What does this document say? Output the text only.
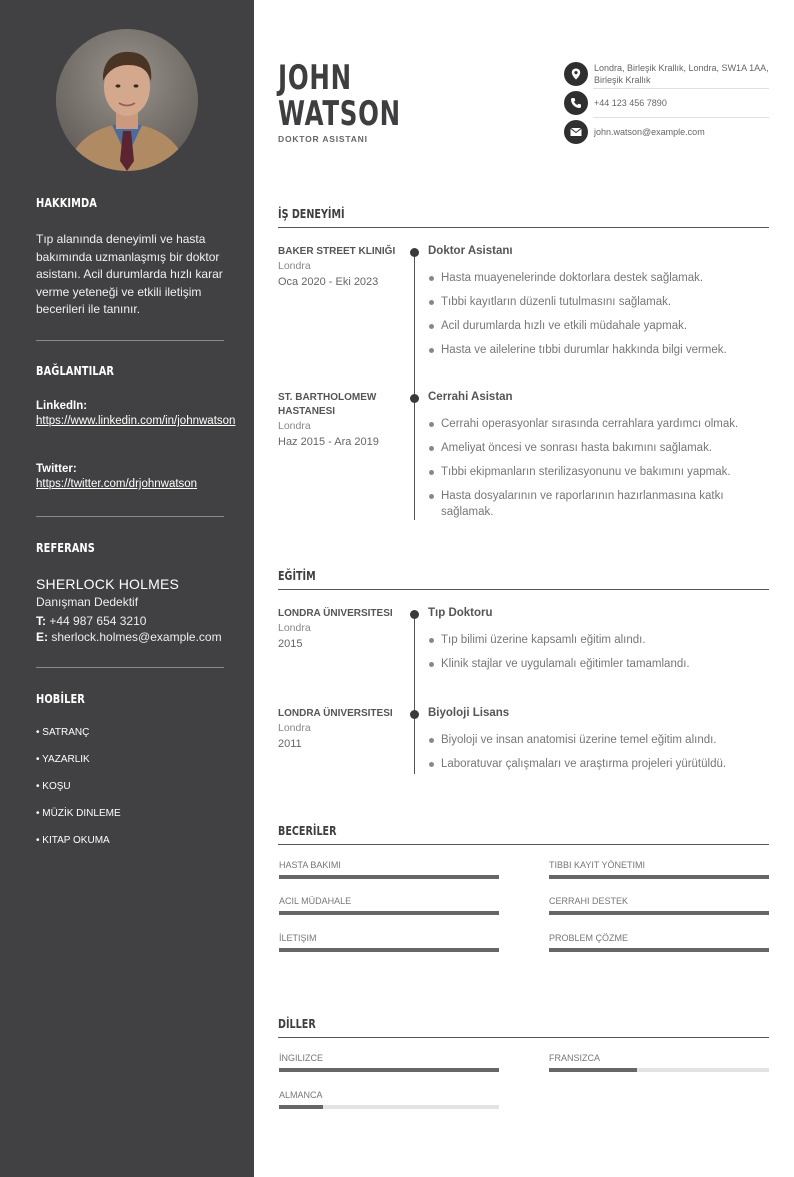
HAKKIMDA

Tıp alanında deneyimli ve hasta bakımında uzmanlaşmış bir doktor asistanı. Acil durumlarda hızlı karar verme yeteneği ve etkili iletişim becerileri ile tanınır.

BAĞLANTILAR
LinkedIn:
https://www.linkedin.com/in/johnwatson
Twitter:
https://twitter.com/drjohnwatson
REFERANS
SHERLOCK HOLMES
Danışman Dedektif
T: +44 987 654 3210
E: sherlock.holmes@example.com
HOBİLER
• SATRANÇ
• YAZARLIK
• KOŞU
• MÜZİK DINLEME
• KITAP OKUMA
JOHN
WATSON
DOKTOR ASISTANI
Londra, Birleşik Krallık, Londra, SW1A 1AA, Birleşik Krallık
+44 123 456 7890
john.watson@example.com
İŞ DENEYİMİ
BAKER STREET KLINIĞI
Londra
Oca 2020 - Eki 2023
Doktor Asistanı
Hasta muayenelerinde doktorlara destek sağlamak.
Tıbbi kayıtların düzenli tutulmasını sağlamak.
Acil durumlarda hızlı ve etkili müdahale yapmak.
Hasta ve ailelerine tıbbi durumlar hakkında bilgi vermek.
ST. BARTHOLOMEW HASTANESI
Londra
Haz 2015 - Ara 2019
Cerrahi Asistan
Cerrahi operasyonlar sırasında cerrahlara yardımcı olmak.
Ameliyat öncesi ve sonrası hasta bakımını sağlamak.
Tıbbi ekipmanların sterilizasyonunu ve bakımını yapmak.
Hasta dosyalarının ve raporlarının hazırlanmasına katkı sağlamak.
EĞİTİM
LONDRA ÜNIVERSITESI
Londra
2015
Tıp Doktoru
Tıp bilimi üzerine kapsamlı eğitim alındı.
Klinik stajlar ve uygulamalı eğitimler tamamlandı.
LONDRA ÜNIVERSITESI
Londra
2011
Biyoloji Lisans
Biyoloji ve insan anatomisi üzerine temel eğitim alındı.
Laboratuvar çalışmaları ve araştırma projeleri yürütüldü.
BECERİLER
HASTA BAKIMI	TIBBI KAYIT YÖNETIMI
ACIL MÜDAHALE	CERRAHI DESTEK
İLETIŞIM	PROBLEM ÇÖZME
DİLLER
İNGILIZCE	FRANSIZCA
ALMANCA
